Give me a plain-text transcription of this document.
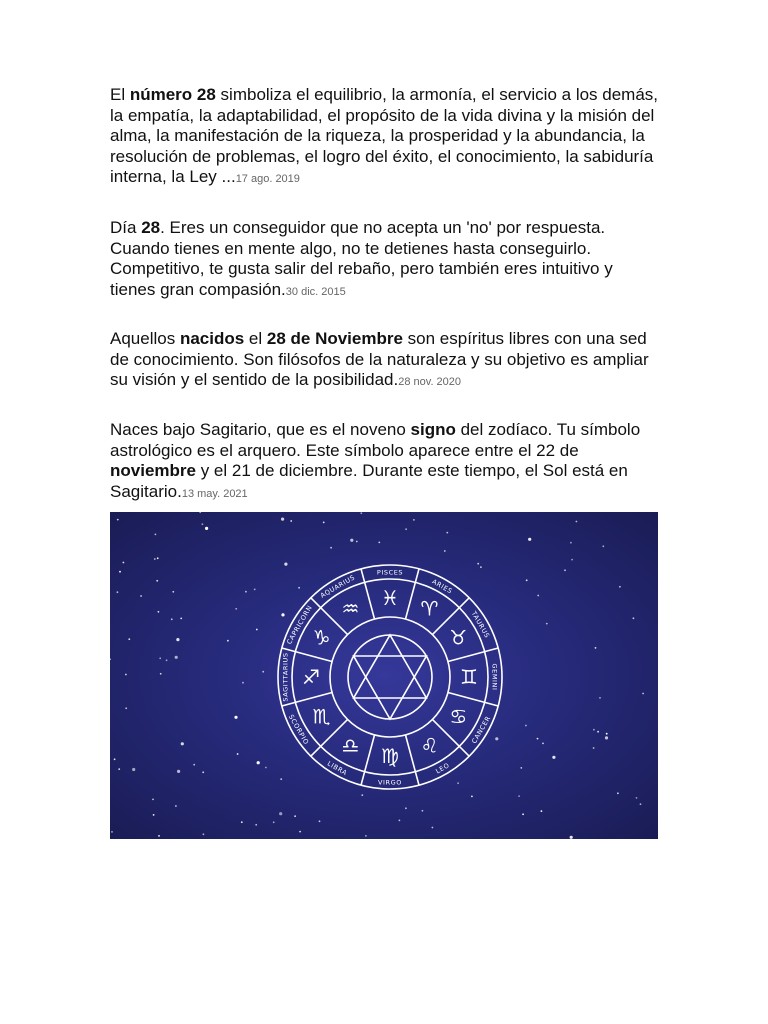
El número 28 simboliza el equilibrio, la armonía, el servicio a los demás, la empatía, la adaptabilidad, el propósito de la vida divina y la misión del alma, la manifestación de la riqueza, la prosperidad y la abundancia, la resolución de problemas, el logro del éxito, el conocimiento, la sabiduría interna, la Ley ...17 ago. 2019

Día 28. Eres un conseguidor que no acepta un 'no' por respuesta. Cuando tienes en mente algo, no te detienes hasta conseguirlo. Competitivo, te gusta salir del rebaño, pero también eres intuitivo y tienes gran compasión.30 dic. 2015

Aquellos nacidos el 28 de Noviembre son espíritus libres con una sed de conocimiento. Son filósofos de la naturaleza y su objetivo es ampliar su visión y el sentido de la posibilidad.28 nov. 2020

Naces bajo Sagitario, que es el noveno signo del zodíaco. Tu símbolo astrológico es el arquero. Este símbolo aparece entre el 22 de noviembre y el 21 de diciembre. Durante este tiempo, el Sol está en Sagitario.13 may. 2021

♈
ARIES
♉ TAURUS
♊ GEMINI
♋ CANCER
♌
LEO
♍
VIRGO
♎
LIBRA
♏
SCORPIO
♐
SAGITTARIUS
♑
CAPRICORN ♒
AQUARIUS ♓
PISCES
